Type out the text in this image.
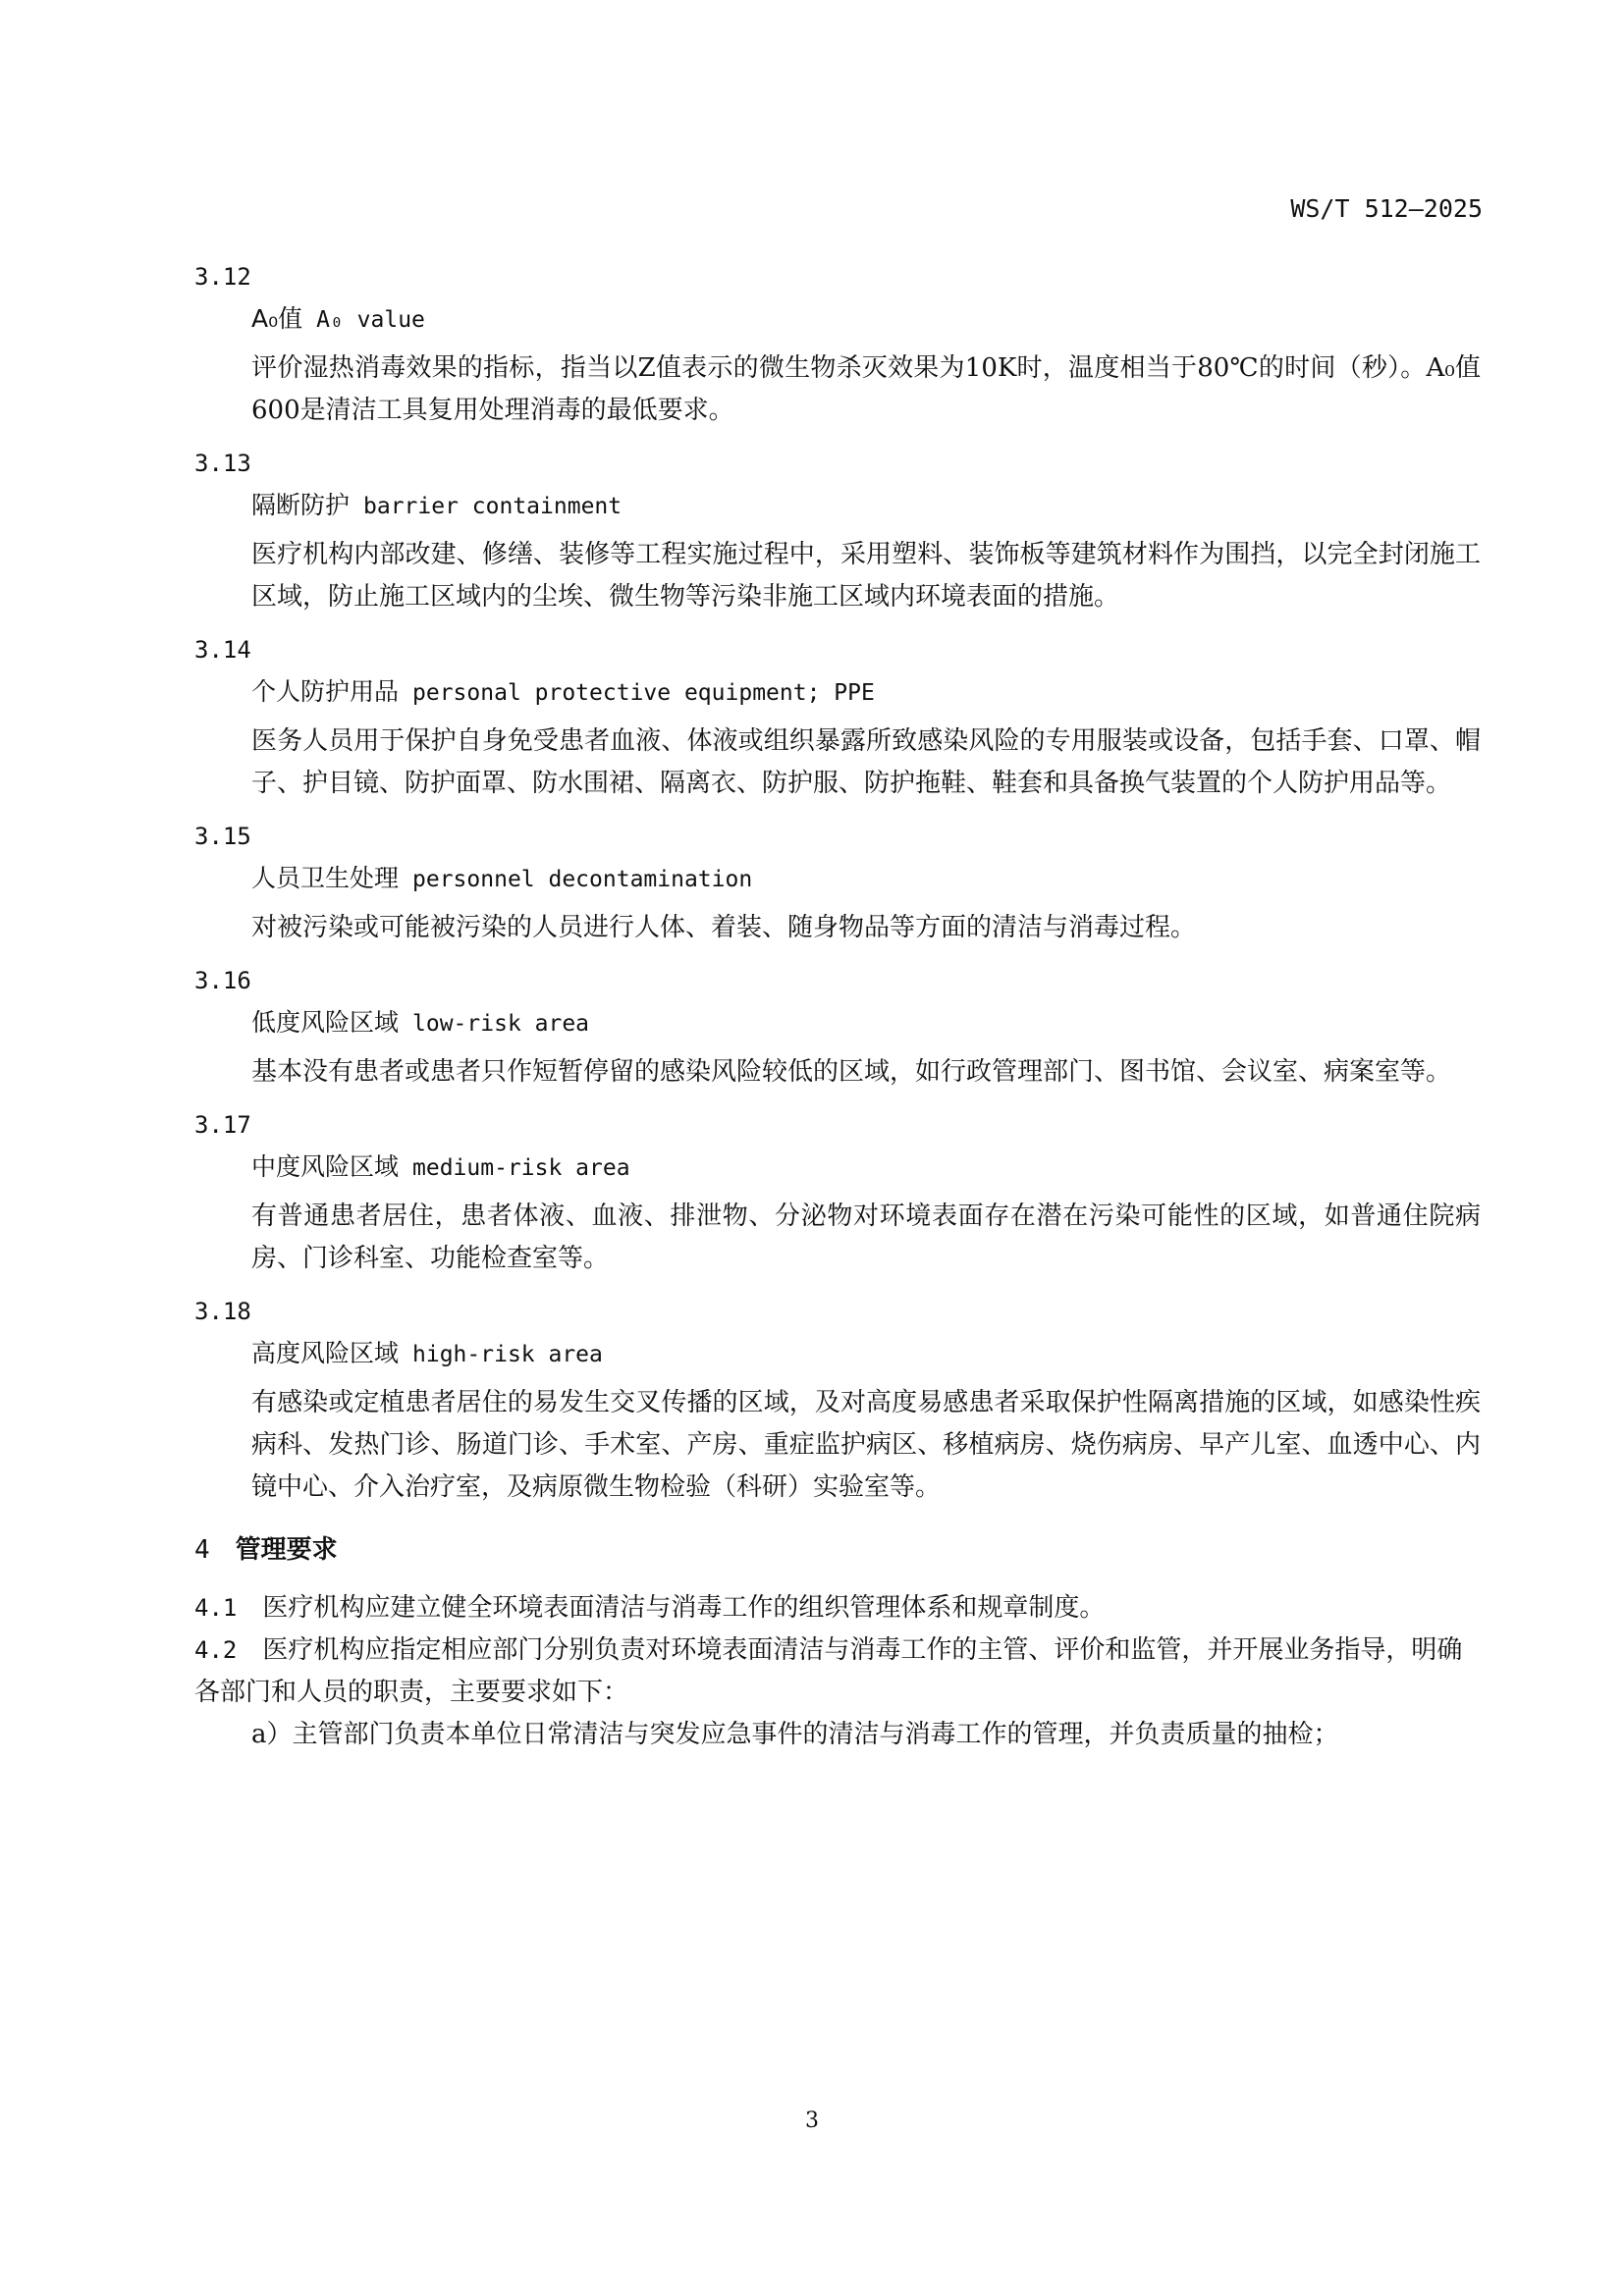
WS/T 512—2025
3.12
A₀值 A₀ value
评价湿热消毒效果的指标，指当以Z值表示的微生物杀灭效果为10K时，温度相当于80℃的时间（秒）。A₀值600是清洁工具复用处理消毒的最低要求。
3.13
隔断防护 barrier containment
医疗机构内部改建、修缮、装修等工程实施过程中，采用塑料、装饰板等建筑材料作为围挡，以完全封闭施工区域，防止施工区域内的尘埃、微生物等污染非施工区域内环境表面的措施。
3.14
个人防护用品 personal protective equipment; PPE
医务人员用于保护自身免受患者血液、体液或组织暴露所致感染风险的专用服装或设备，包括手套、口罩、帽子、护目镜、防护面罩、防水围裙、隔离衣、防护服、防护拖鞋、鞋套和具备换气装置的个人防护用品等。
3.15
人员卫生处理 personnel decontamination
对被污染或可能被污染的人员进行人体、着装、随身物品等方面的清洁与消毒过程。
3.16
低度风险区域 low-risk area
基本没有患者或患者只作短暂停留的感染风险较低的区域，如行政管理部门、图书馆、会议室、病案室等。
3.17
中度风险区域 medium-risk area
有普通患者居住，患者体液、血液、排泄物、分泌物对环境表面存在潜在污染可能性的区域，如普通住院病房、门诊科室、功能检查室等。
3.18
高度风险区域 high-risk area
有感染或定植患者居住的易发生交叉传播的区域，及对高度易感患者采取保护性隔离措施的区域，如感染性疾病科、发热门诊、肠道门诊、手术室、产房、重症监护病区、移植病房、烧伤病房、早产儿室、血透中心、内镜中心、介入治疗室，及病原微生物检验（科研）实验室等。
4 管理要求
4.1 医疗机构应建立健全环境表面清洁与消毒工作的组织管理体系和规章制度。
4.2 医疗机构应指定相应部门分别负责对环境表面清洁与消毒工作的主管、评价和监管，并开展业务指导，明确各部门和人员的职责，主要要求如下：
a）主管部门负责本单位日常清洁与突发应急事件的清洁与消毒工作的管理，并负责质量的抽检；
3
